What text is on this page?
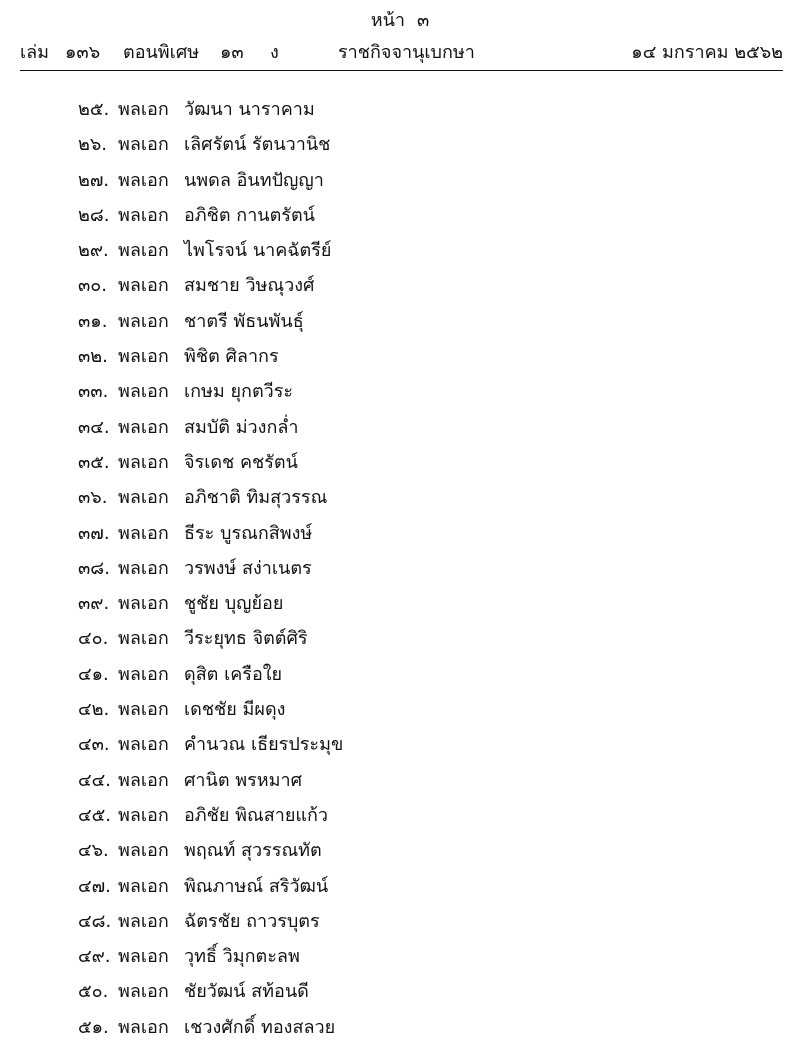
หน้า ๓
เล่ม ๑๓๖ ตอนพิเศษ ๑๓ ง	ราชกิจจานุเบกษา	๑๔ มกราคม ๒๕๖๒
๒๕. พลเอก วัฒนา นาราคาม
๒๖. พลเอก เลิศรัตน์ รัตนวานิช
๒๗. พลเอก นพดล อินทปัญญา
๒๘. พลเอก อภิชิต กานตรัตน์
๒๙. พลเอก ไพโรจน์ นาคฉัตรีย์
๓๐. พลเอก สมชาย วิษณุวงศ์
๓๑. พลเอก ชาตรี พัธนพันธุ์
๓๒. พลเอก พิชิต ศิลากร
๓๓. พลเอก เกษม ยุกตวีระ
๓๔. พลเอก สมบัติ ม่วงกล่ำ
๓๕. พลเอก จิรเดช คชรัตน์
๓๖. พลเอก อภิชาติ ทิมสุวรรณ
๓๗. พลเอก ธีระ บูรณกสิพงษ์
๓๘. พลเอก วรพงษ์ สง่าเนตร
๓๙. พลเอก ชูชัย บุญย้อย
๔๐. พลเอก วีระยุทธ จิตต์ศิริ
๔๑. พลเอก ดุสิต เครือใย
๔๒. พลเอก เดชชัย มีผดุง
๔๓. พลเอก คำนวณ เธียรประมุข
๔๔. พลเอก ศานิต พรหมาศ
๔๕. พลเอก อภิชัย พิณสายแก้ว
๔๖. พลเอก พฤณท์ สุวรรณทัต
๔๗. พลเอก พิณภาษณ์ สริวัฒน์
๔๘. พลเอก ฉัตรชัย ถาวรบุตร
๔๙. พลเอก วุทธิ์ วิมุกตะลพ
๕๐. พลเอก ชัยวัฒน์ สท้อนดี
๕๑. พลเอก เชวงศักดิ์ ทองสลวย
